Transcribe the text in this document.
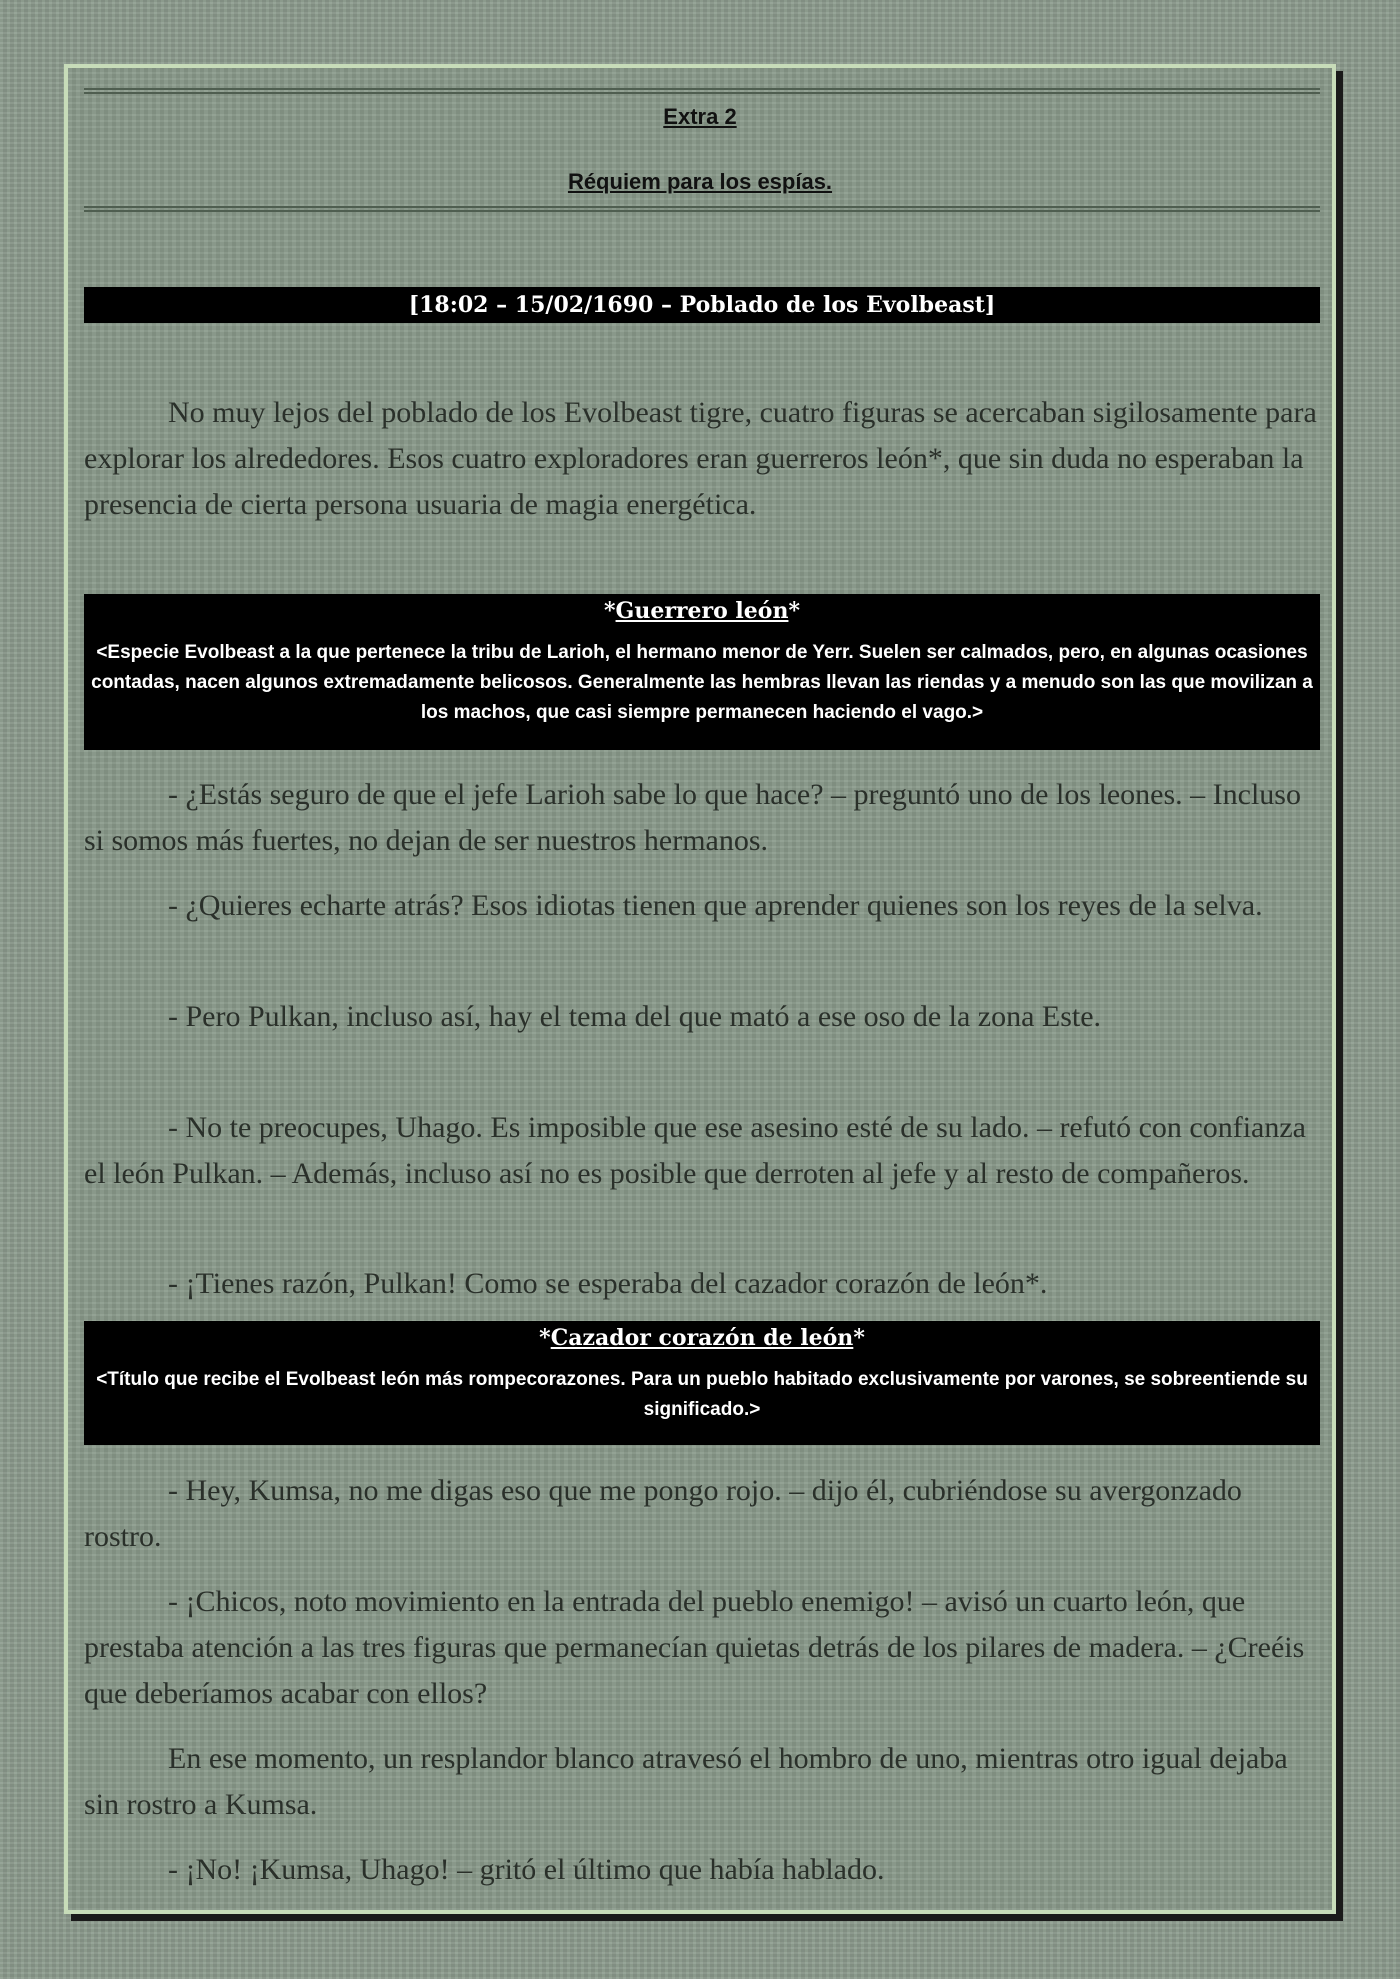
Extra 2

Réquiem para los espías.

[18:02 – 15/02/1690 – Poblado de los Evolbeast]

No muy lejos del poblado de los Evolbeast tigre, cuatro figuras se acercaban sigilosamente para explorar los alrededores. Esos cuatro exploradores eran guerreros león*, que sin duda no esperaban la presencia de cierta persona usuaria de magia energética.

*Guerrero león*
<Especie Evolbeast a la que pertenece la tribu de Larioh, el hermano menor de Yerr. Suelen ser calmados, pero, en algunas ocasiones contadas, nacen algunos extremadamente belicosos. Generalmente las hembras llevan las riendas y a menudo son las que movilizan a los machos, que casi siempre permanecen haciendo el vago.>

- ¿Estás seguro de que el jefe Larioh sabe lo que hace? – preguntó uno de los leones. – Incluso si somos más fuertes, no dejan de ser nuestros hermanos.

- ¿Quieres echarte atrás? Esos idiotas tienen que aprender quienes son los reyes de la selva.

- Pero Pulkan, incluso así, hay el tema del que mató a ese oso de la zona Este.

- No te preocupes, Uhago. Es imposible que ese asesino esté de su lado. – refutó con confianza el león Pulkan. – Además, incluso así no es posible que derroten al jefe y al resto de compañeros.

- ¡Tienes razón, Pulkan! Como se esperaba del cazador corazón de león*.

*Cazador corazón de león*
<Título que recibe el Evolbeast león más rompecorazones. Para un pueblo habitado exclusivamente por varones, se sobreentiende su significado.>

- Hey, Kumsa, no me digas eso que me pongo rojo. – dijo él, cubriéndose su avergonzado rostro.

- ¡Chicos, noto movimiento en la entrada del pueblo enemigo! – avisó un cuarto león, que prestaba atención a las tres figuras que permanecían quietas detrás de los pilares de madera. – ¿Creéis que deberíamos acabar con ellos?

En ese momento, un resplandor blanco atravesó el hombro de uno, mientras otro igual dejaba sin rostro a Kumsa.

- ¡No! ¡Kumsa, Uhago! – gritó el último que había hablado.
